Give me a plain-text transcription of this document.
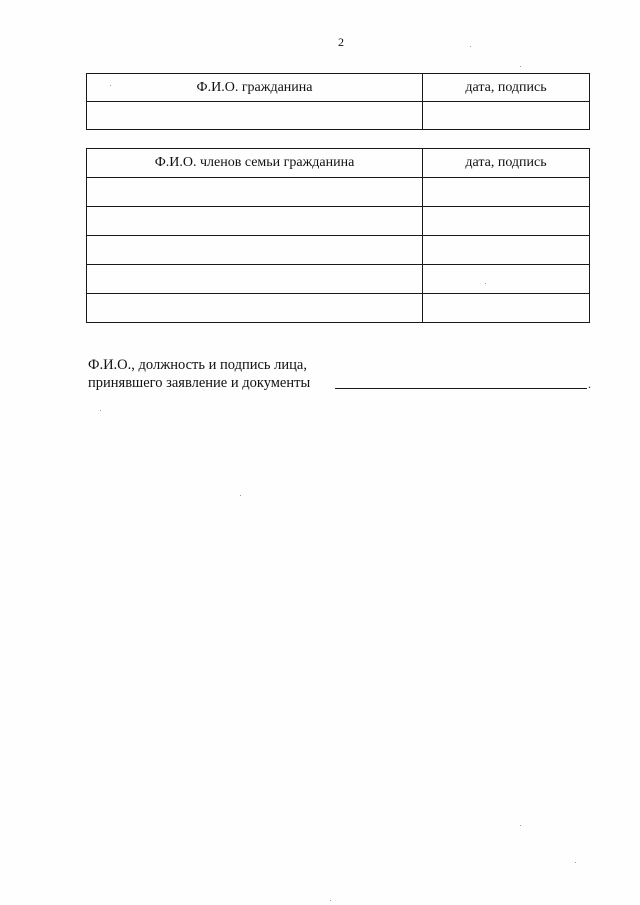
2
Ф.И.О. гражданина	дата, подпись

Ф.И.О. членов семьи гражданина	дата, подпись

Ф.И.О., должность и подпись лица,
принявшего заявление и документы	.
